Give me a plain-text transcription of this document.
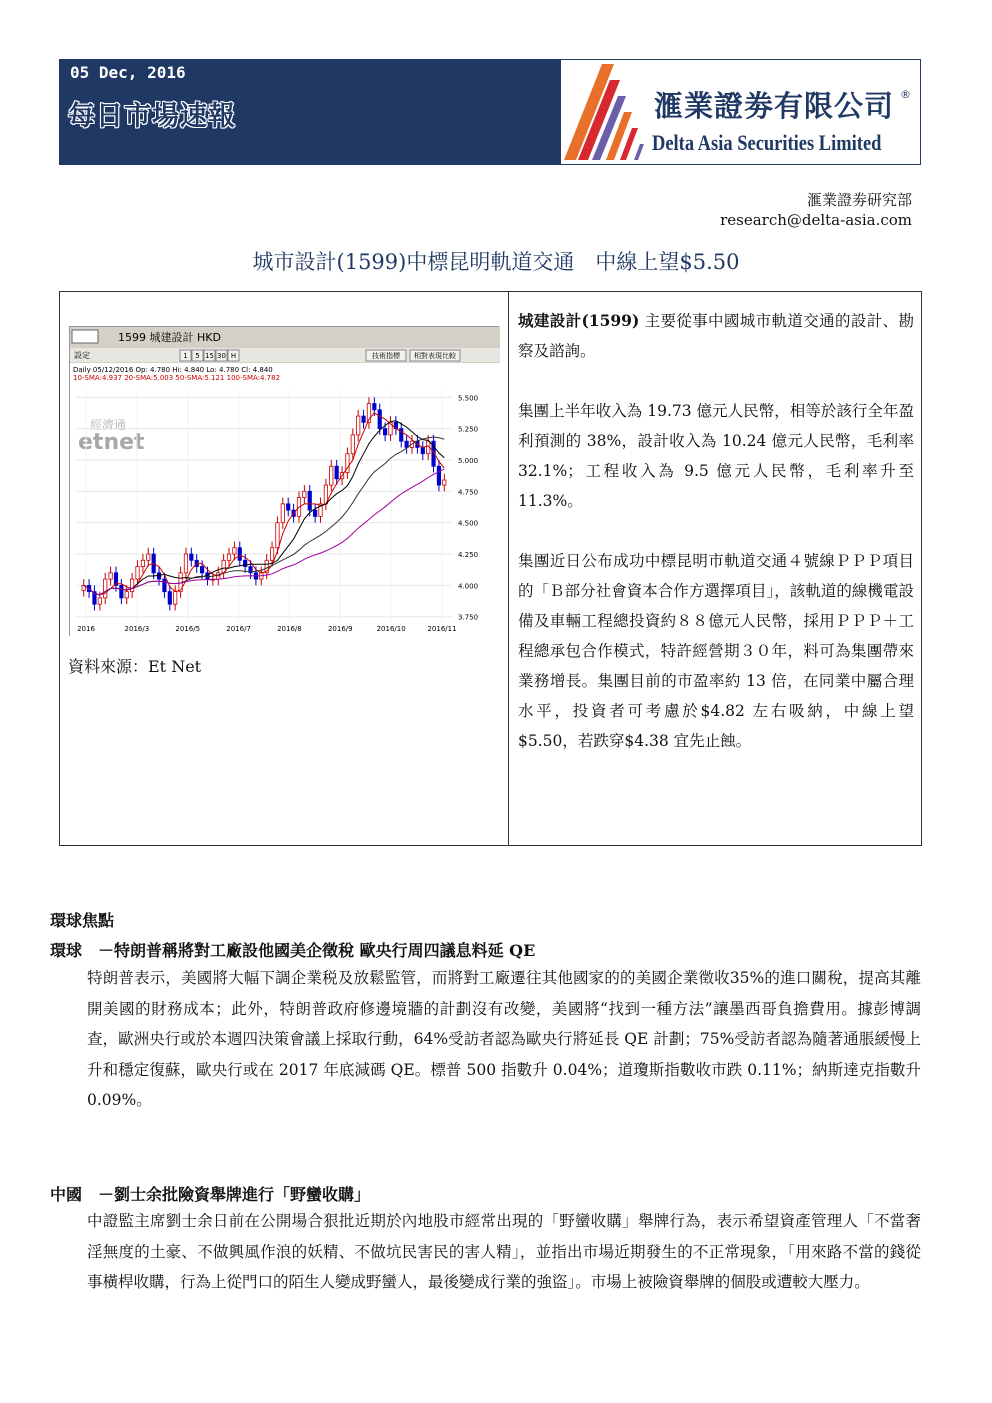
05 Dec, 2016
每日市場速報	滙業證劵有限公司 ®
Delta Asia Securities Limited
滙業證劵研究部
research@delta-asia.com
城市設計(1599)中標昆明軌道交通　中線上望$5.50
1599 城建設計 HKD
設定	1 5 15 30 H	技術指標 相對表現比較
Daily 05/12/2016 Op: 4.780 Hi: 4.840 Lo: 4.780 Cl: 4.840
10-SMA:4.937 20-SMA:5.003 50-SMA:5.121 100-SMA:4.782
經濟通
etnet
3.750
4.000
4.250
4.500
4.750
5.000
5.250
5.500
2016	2016/3	2016/5	2016/7	2016/8	2016/9	2016/10	2016/11
資料來源：Et Net

城建設計(1599) 主要從事中國城市軌道交通的設計、勘察及諮詢。

集團上半年收入為 19.73 億元人民幣，相等於該行全年盈利預測的 38%，設計收入為 10.24 億元人民幣，毛利率 32.1%；工程收入為 9.5 億元人民幣，毛利率升至 11.3%。

集團近日公布成功中標昆明市軌道交通４號線ＰＰＰ項目的「Ｂ部分社會資本合作方選擇項目」，該軌道的線機電設備及車輛工程總投資約８８億元人民幣，採用ＰＰＰ＋工程總承包合作模式，特許經營期３０年，料可為集團帶來業務增長。集團目前的市盈率約 13 倍，在同業中屬合理水平，投資者可考慮於$4.82 左右吸納，中線上望$5.50，若跌穿$4.38 宜先止蝕。

環球焦點
環球　－特朗普稱將對工廠設他國美企徵稅 歐央行周四議息料延 QE
特朗普表示，美國將大幅下調企業税及放鬆監管，而將對工廠遷往其他國家的的美國企業徵收35%的進口關稅，提高其離開美國的財務成本；此外，特朗普政府修邊境牆的計劃沒有改變，美國將“找到一種方法”讓墨西哥負擔費用。據彭博調查，歐洲央行或於本週四決策會議上採取行動，64%受訪者認為歐央行將延長 QE 計劃；75%受訪者認為隨著通脹緩慢上升和穩定復蘇，歐央行或在 2017 年底減碼 QE。標普 500 指數升 0.04%；道瓊斯指數收市跌 0.11%；納斯達克指數升0.09%。
中國　－劉士余批險資舉牌進行「野蠻收購」
中證監主席劉士余日前在公開場合狠批近期於內地股市經常出現的「野蠻收購」舉牌行為，表示希望資產管理人「不當奢淫無度的土豪、不做興風作浪的妖精、不做坑民害民的害人精」，並指出市場近期發生的不正常現象，「用來路不當的錢從事橫桿收購，行為上從門口的陌生人變成野蠻人，最後變成行業的強盜」。市場上被險資舉牌的個股或遭較大壓力。
